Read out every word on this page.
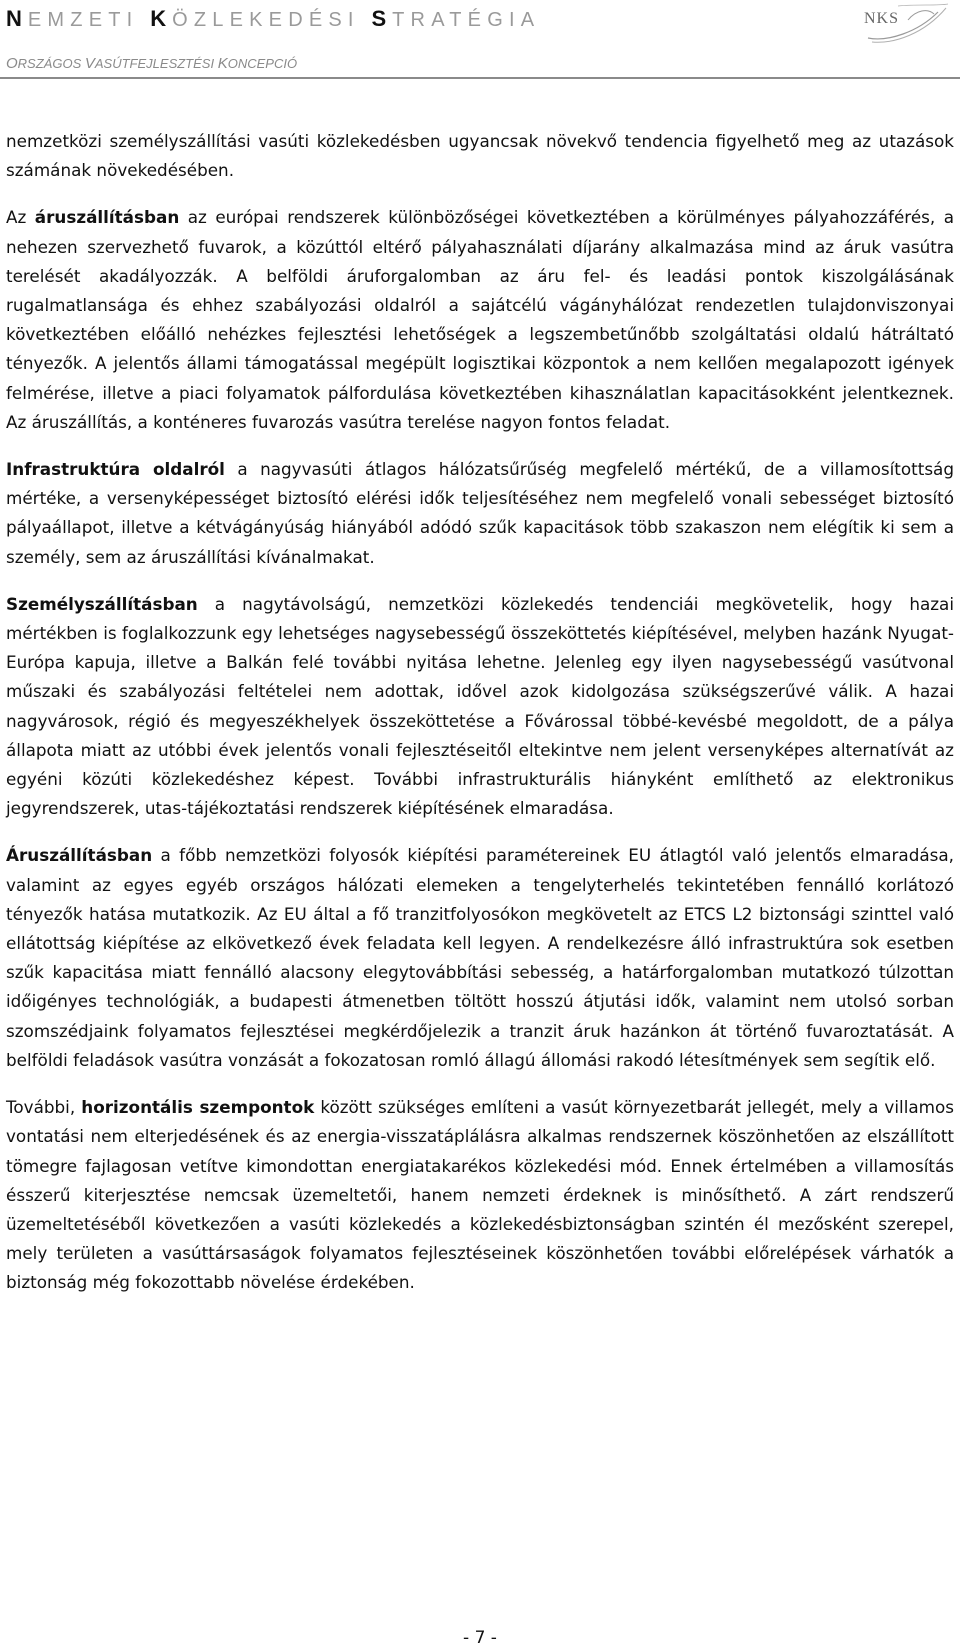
NEMZETI KÖZLEKEDÉSI STRATÉGIA
ORSZÁGOS VASÚTFEJLESZTÉSI KONCEPCIÓ
NKS

nemzetközi személyszállítási vasúti közlekedésben ugyancsak növekvő tendencia figyelhető meg az utazások számának növekedésében.

Az áruszállításban az európai rendszerek különbözőségei következtében a körülményes pályahozzáférés, a nehezen szervezhető fuvarok, a közúttól eltérő pályahasználati díjarány alkalmazása mind az áruk vasútra terelését akadályozzák. A belföldi áruforgalomban az áru fel- és leadási pontok kiszolgálásának rugalmatlansága és ehhez szabályozási oldalról a sajátcélú vágányhálózat rendezetlen tulajdonviszonyai következtében előálló nehézkes fejlesztési lehetőségek a legszembetűnőbb szolgáltatási oldalú hátráltató tényezők. A jelentős állami támogatással megépült logisztikai központok a nem kellően megalapozott igények felmérése, illetve a piaci folyamatok pálfordulása következtében kihasználatlan kapacitásokként jelentkeznek. Az áruszállítás, a konténeres fuvarozás vasútra terelése nagyon fontos feladat.

Infrastruktúra oldalról a nagyvasúti átlagos hálózatsűrűség megfelelő mértékű, de a villamosítottság mértéke, a versenyképességet biztosító elérési idők teljesítéséhez nem megfelelő vonali sebességet biztosító pályaállapot, illetve a kétvágányúság hiányából adódó szűk kapacitások több szakaszon nem elégítik ki sem a személy, sem az áruszállítási kívánalmakat.

Személyszállításban a nagytávolságú, nemzetközi közlekedés tendenciái megkövetelik, hogy hazai mértékben is foglalkozzunk egy lehetséges nagysebességű összeköttetés kiépítésével, melyben hazánk Nyugat-Európa kapuja, illetve a Balkán felé további nyitása lehetne. Jelenleg egy ilyen nagysebességű vasútvonal műszaki és szabályozási feltételei nem adottak, idővel azok kidolgozása szükségszerűvé válik. A hazai nagyvárosok, régió és megyeszékhelyek összeköttetése a Fővárossal többé-kevésbé megoldott, de a pálya állapota miatt az utóbbi évek jelentős vonali fejlesztéseitől eltekintve nem jelent versenyképes alternatívát az egyéni közúti közlekedéshez képest. További infrastrukturális hiányként említhető az elektronikus jegyrendszerek, utas-tájékoztatási rendszerek kiépítésének elmaradása.

Áruszállításban a főbb nemzetközi folyosók kiépítési paramétereinek EU átlagtól való jelentős elmaradása, valamint az egyes egyéb országos hálózati elemeken a tengelyterhelés tekintetében fennálló korlátozó tényezők hatása mutatkozik. Az EU által a fő tranzitfolyosókon megkövetelt az ETCS L2 biztonsági szinttel való ellátottság kiépítése az elkövetkező évek feladata kell legyen. A rendelkezésre álló infrastruktúra sok esetben szűk kapacitása miatt fennálló alacsony elegytovábbítási sebesség, a határforgalomban mutatkozó túlzottan időigényes technológiák, a budapesti átmenetben töltött hosszú átjutási idők, valamint nem utolsó sorban szomszédjaink folyamatos fejlesztései megkérdőjelezik a tranzit áruk hazánkon át történő fuvaroztatását. A belföldi feladások vasútra vonzását a fokozatosan romló állagú állomási rakodó létesítmények sem segítik elő.

További, horizontális szempontok között szükséges említeni a vasút környezetbarát jellegét, mely a villamos vontatási nem elterjedésének és az energia-visszatáplálásra alkalmas rendszernek köszönhetően az elszállított tömegre fajlagosan vetítve kimondottan energiatakarékos közlekedési mód. Ennek értelmében a villamosítás ésszerű kiterjesztése nemcsak üzemeltetői, hanem nemzeti érdeknek is minősíthető. A zárt rendszerű üzemeltetéséből következően a vasúti közlekedés a közlekedésbiztonságban szintén él mezősként szerepel, mely területen a vasúttársaságok folyamatos fejlesztéseinek köszönhetően további előrelépések várhatók a biztonság még fokozottabb növelése érdekében.

- 7 -
